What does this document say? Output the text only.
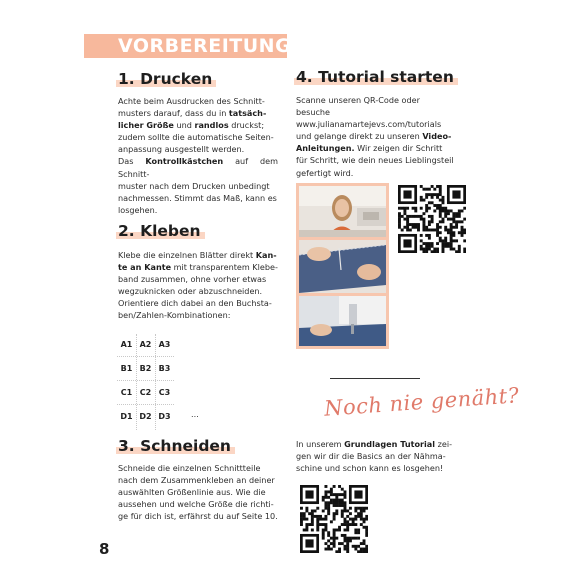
VORBEREITUNG
1. Drucken
Achte beim Ausdrucken des Schnitt-
musters darauf, dass du in tatsäch-
licher Größe und randlos druckst;
zudem sollte die automatische Seiten-
anpassung ausgestellt werden.
Das Kontrollkästchen auf dem Schnitt-
muster nach dem Drucken unbedingt
nachmessen. Stimmt das Maß, kann es
losgehen.
2. Kleben
Klebe die einzelnen Blätter direkt Kan-
te an Kante mit transparentem Klebe-
band zusammen, ohne vorher etwas
wegzuknicken oder abzuschneiden.
Orientiere dich dabei an den Buchsta-
ben/Zahlen-Kombinationen:
A1 A2 A3
B1 B2 B3
C1 C2 C3
D1 D2 D3	...
3. Schneiden
Schneide die einzelnen Schnittteile
nach dem Zusammenkleben an deiner
auswählten Größenlinie aus. Wie die
aussehen und welche Größe die richti-
ge für dich ist, erfährst du auf Seite 10.
4. Tutorial starten
Scanne unseren QR-Code oder besuche
www.julianamartejevs.com/tutorials
und gelange direkt zu unseren Video-
Anleitungen. Wir zeigen dir Schritt
für Schritt, wie dein neues Lieblingsteil
gefertigt wird.
Noch nie genäht?
In unserem Grundlagen Tutorial zei-
gen wir dir die Basics an der Nähma-
schine und schon kann es losgehen!
8
